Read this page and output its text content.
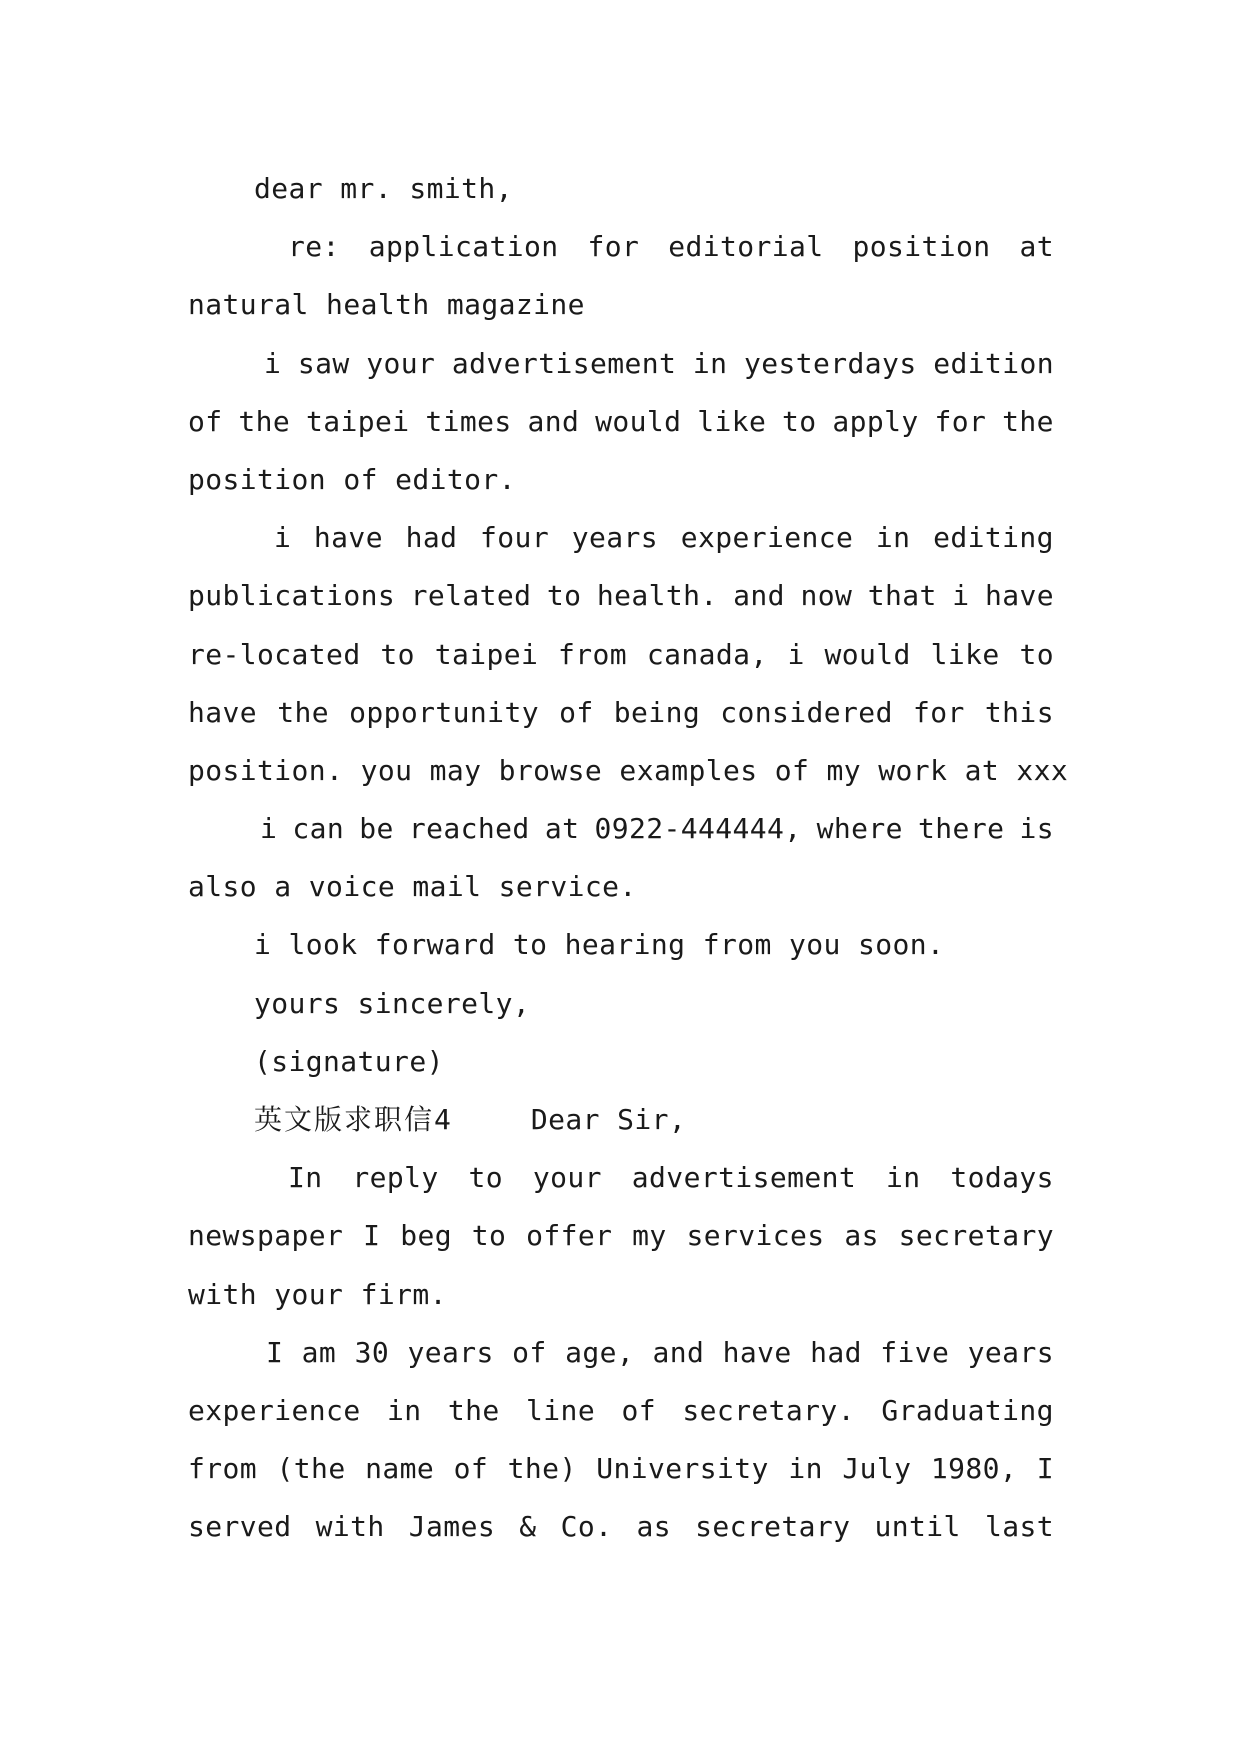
dear mr. smith,
re: application for editorial position at
natural health magazine
i saw your advertisement in yesterdays edition
of the taipei times and would like to apply for the
position of editor.
i have had four years experience in editing
publications related to health. and now that i have
re-located to taipei from canada, i would like to
have the opportunity of being considered for this
position. you may browse examples of my work at xxx
i can be reached at 0922-444444, where there is
also a voice mail service.
i look forward to hearing from you soon.
yours sincerely,
(signature)
英文版求职信4	Dear Sir,
In reply to your advertisement in todays
newspaper I beg to offer my services as secretary
with your firm.
I am 30 years of age, and have had five years
experience in the line of secretary. Graduating
from (the name of the) University in July 1980, I
served with James & Co. as secretary until last
